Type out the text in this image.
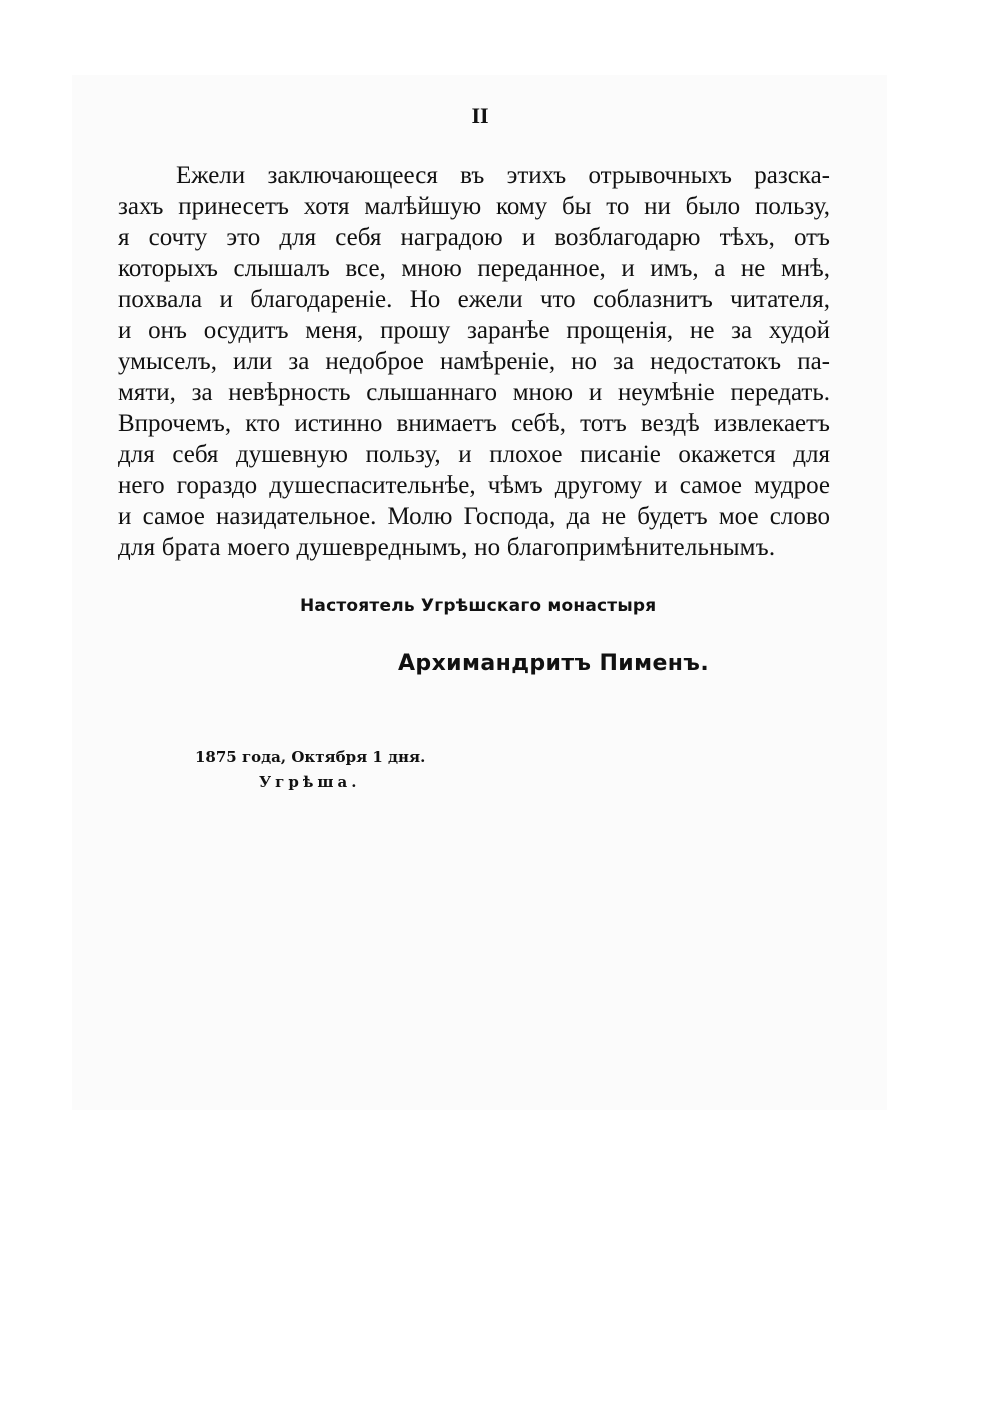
II
Ежели заключающееся въ этихъ отрывочныхъ разска-
захъ принесетъ хотя малѣйшую кому бы то ни было пользу,
я сочту это для себя наградою и возблагодарю тѣхъ, отъ
которыхъ слышалъ все, мною переданное, и имъ, а не мнѣ,
похвала и благодареніе. Но ежели что соблазнитъ читателя,
и онъ осудитъ меня, прошу заранѣе прощенія, не за худой
умыселъ, или за недоброе намѣреніе, но за недостатокъ па-
мяти, за невѣрность слышаннаго мною и неумѣніе передать.
Впрочемъ, кто истинно внимаетъ себѣ, тотъ вездѣ извлекаетъ
для себя душевную пользу, и плохое писаніе окажется для
него гораздо душеспасительнѣе, чѣмъ другому и самое мудрое
и самое назидательное. Молю Господа, да не будетъ мое слово
для брата моего душевреднымъ, но благопримѣнительнымъ.
Настоятель Угрѣшскаго монастыря
Архимандритъ Пименъ.
1875 года, Октября 1 дня.
Угрѣша.
